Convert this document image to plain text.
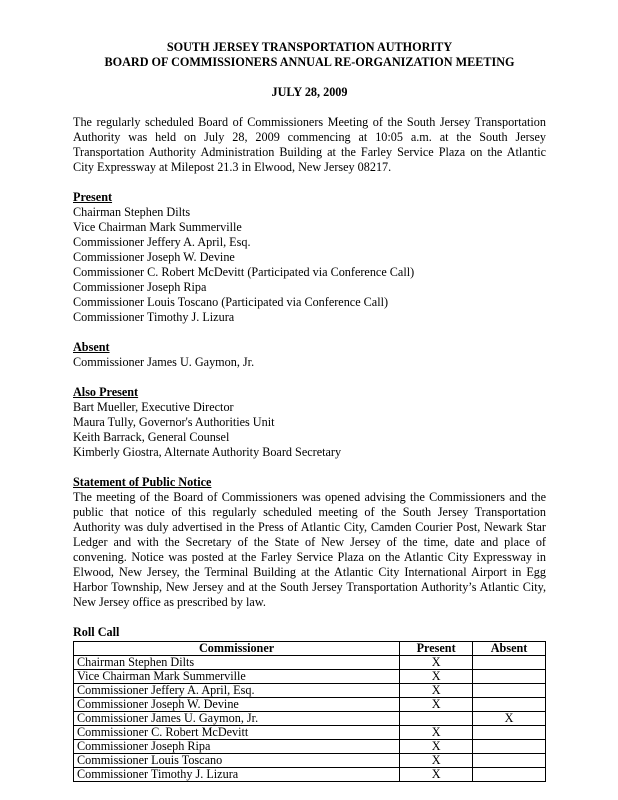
SOUTH JERSEY TRANSPORTATION AUTHORITY
BOARD OF COMMISSIONERS ANNUAL RE-ORGANIZATION MEETING
JULY 28, 2009

The regularly scheduled Board of Commissioners Meeting of the South Jersey Transportation Authority was held on July 28, 2009 commencing at 10:05 a.m. at the South Jersey Transportation Authority Administration Building at the Farley Service Plaza on the Atlantic City Expressway at Milepost 21.3 in Elwood, New Jersey 08217.

Present
Chairman Stephen Dilts
Vice Chairman Mark Summerville
Commissioner Jeffery A. April, Esq.
Commissioner Joseph W. Devine
Commissioner C. Robert McDevitt (Participated via Conference Call)
Commissioner Joseph Ripa
Commissioner Louis Toscano (Participated via Conference Call)
Commissioner Timothy J. Lizura
Absent
Commissioner James U. Gaymon, Jr.
Also Present
Bart Mueller, Executive Director
Maura Tully, Governor's Authorities Unit
Keith Barrack, General Counsel
Kimberly Giostra, Alternate Authority Board Secretary
Statement of Public Notice

The meeting of the Board of Commissioners was opened advising the Commissioners and the public that notice of this regularly scheduled meeting of the South Jersey Transportation Authority was duly advertised in the Press of Atlantic City, Camden Courier Post, Newark Star Ledger and with the Secretary of the State of New Jersey of the time, date and place of convening. Notice was posted at the Farley Service Plaza on the Atlantic City Expressway in Elwood, New Jersey, the Terminal Building at the Atlantic City International Airport in Egg Harbor Township, New Jersey and at the South Jersey Transportation Authority’s Atlantic City, New Jersey office as prescribed by law.

Roll Call
Commissioner	Present	Absent
Chairman Stephen Dilts	X	
Vice Chairman Mark Summerville	X	
Commissioner Jeffery A. April, Esq.	X	
Commissioner Joseph W. Devine	X	
Commissioner James U. Gaymon, Jr.		X
Commissioner C. Robert McDevitt	X	
Commissioner Joseph Ripa	X	
Commissioner Louis Toscano	X	
Commissioner Timothy J. Lizura	X	
